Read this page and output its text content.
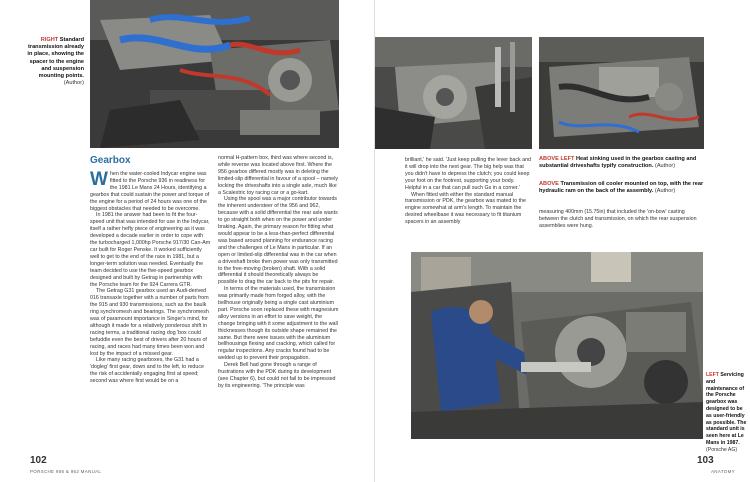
RIGHT Standard transmission already in place, showing the spacer to the engine and suspension mounting points. (Author)
Gearbox

When the water-cooled Indycar engine was fitted to the Porsche 936 in readiness for the 1981 Le Mans 24 Hours, identifying a gearbox that could sustain the power and torque of the engine for a period of 24 hours was one of the biggest obstacles that needed to be overcome.

In 1981 the answer had been to fit the four-speed unit that was intended for use in the Indycar, itself a rather hefty piece of engineering as it was developed a decade earlier in order to cope with the turbocharged 1,000hp Porsche 917/30 Can-Am car built for Roger Penske. It worked sufficiently well to get to the end of the race in 1981, but a longer-term solution was needed. Eventually the team decided to use the five-speed gearbox designed and built by Getrag in partnership with the Porsche team for the 924 Carrera GTR.

The Getrag G31 gearbox used an Audi-derived 016 transaxle together with a number of parts from the 915 and 930 transmissions, such as the baulk ring synchromesh and bearings. The synchromesh was of paramount importance in Singer's mind, for although it made for a relatively ponderous shift in racing terms, a traditional racing dog 'box could befuddle even the best of drivers after 20 hours of racing, and races had many times been won and lost by the impact of a missed gear.

Like many racing gearboxes, the G31 had a 'dogleg' first gear, down and to the left, to reduce the risk of accidentally engaging first at speed; second was where first would be on a

normal H-pattern box, third was where second is, while reverse was located above first. Where the 956 gearbox differed mostly was in deleting the limited-slip differential in favour of a spool – namely locking the driveshafts into a single axle, much like a Scalextric toy racing car or a go-kart.

Using the spool was a major contributor towards the inherent understeer of the 956 and 962, because with a solid differential the rear axle wants to go straight both when on the power and under braking. Again, the primary reason for fitting what would appear to be a less-than-perfect differential was based around planning for endurance racing and the challenges of Le Mans in particular. If an open or limited-slip differential was in the car when a driveshaft broke then power was only transmitted to the free-moving (broken) shaft. With a solid differential it should theoretically always be possible to drag the car back to the pits for repair.

In terms of the materials used, the transmission was primarily made from forged alloy, with the bellhouse originally being a single cast aluminium part. Porsche soon replaced these with magnesium alloy versions in an effort to save weight, the change bringing with it some adjustment to the wall thicknesses though its outside shape remained the same. But there were issues with the aluminium bellhousings flexing and cracking, which called for regular inspections. Any cracks found had to be welded up to prevent their propagation.

Derek Bell had gone through a range of frustrations with the PDK during its development (see Chapter 6), but could not fail to be impressed by its engineering. 'The principle was

102
PORSCHE 956 & 962 MANUAL
ABOVE LEFT Heat sinking used in the gearbox casting and substantial driveshafts typify construction. (Author)
ABOVE Transmission oil cooler mounted on top, with the rear hydraulic ram on the back of the assembly. (Author)

brilliant,' he said. 'Just keep pulling the lever back and it will drop into the next gear. The big help was that you didn't have to depress the clutch; you could keep your foot on the footrest, supporting your body. Helpful in a car that can pull such Gs in a corner.'

When fitted with either the standard manual transmission or PDK, the gearbox was mated to the engine somewhat at arm's length. To maintain the desired wheelbase it was necessary to fit titanium spacers in an assembly

measuring 400mm (15.75in) that included the 'on-bow' casting between the clutch and transmission, on which the rear suspension assemblies were hung.

103
ANATOMY
LEFT Servicing and maintenance of the Porsche gearbox was designed to be as user-friendly as possible. The standard unit is seen here at Le Mans in 1987. (Porsche AG)
